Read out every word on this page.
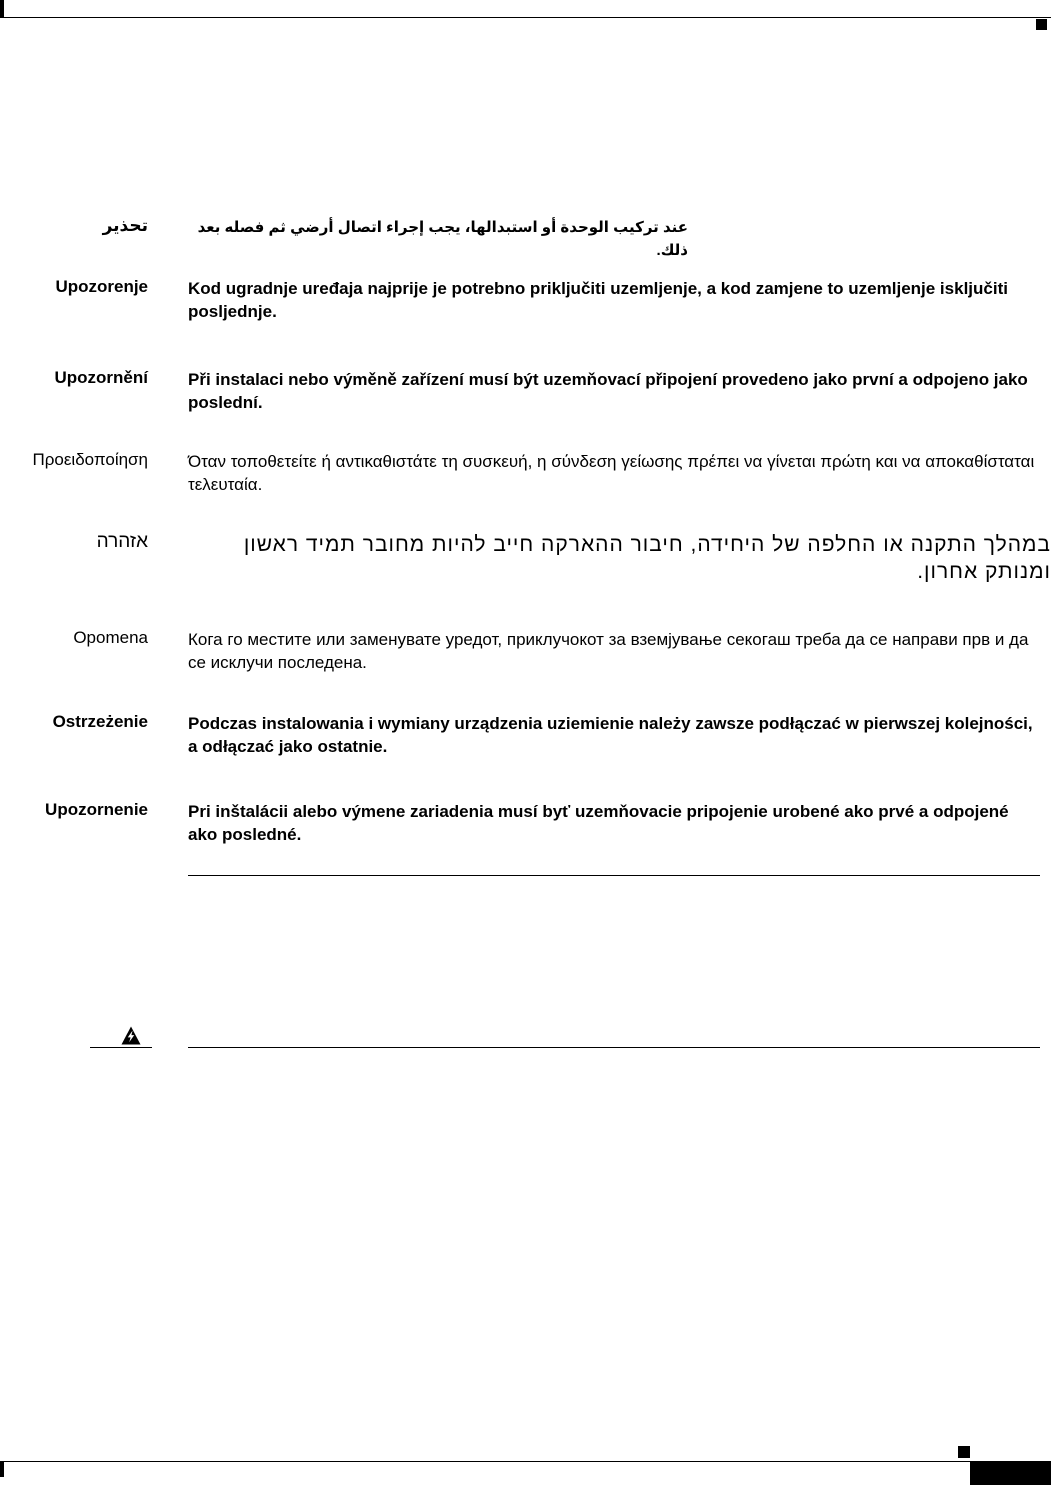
تحذير	عند تركيب الوحدة أو استبدالها، يجب إجراء اتصال أرضي ثم فصله بعد ذلك.
Upozorenje Kod ugradnje uređaja najprije je potrebno priključiti uzemljenje, a kod zamjene to uzemljenje isključiti posljednje.
Upozornění Při instalaci nebo výměně zařízení musí být uzemňovací připojení provedeno jako první a odpojeno jako poslední.
Προειδοποίηση Όταν τοποθετείτε ή αντικαθιστάτε τη συσκευή, η σύνδεση γείωσης πρέπει να γίνεται πρώτη και να αποκαθίσταται τελευταία.
אזהרה	במהלך התקנה או החלפה של היחידה, חיבור ההארקה חייב להיות מחובר תמיד ראשון ומנותק אחרון.
Opomena Кога го местите или заменувате уредот, приклучокот за вземјување секогаш треба да се направи прв и да се исклучи последена.
Ostrzeżenie Podczas instalowania i wymiany urządzenia uziemienie należy zawsze podłączać w pierwszej kolejności, a odłączać jako ostatnie.
Upozornenie Pri inštalácii alebo výmene zariadenia musí byť uzemňovacie pripojenie urobené ako prvé a odpojené ako posledné.
